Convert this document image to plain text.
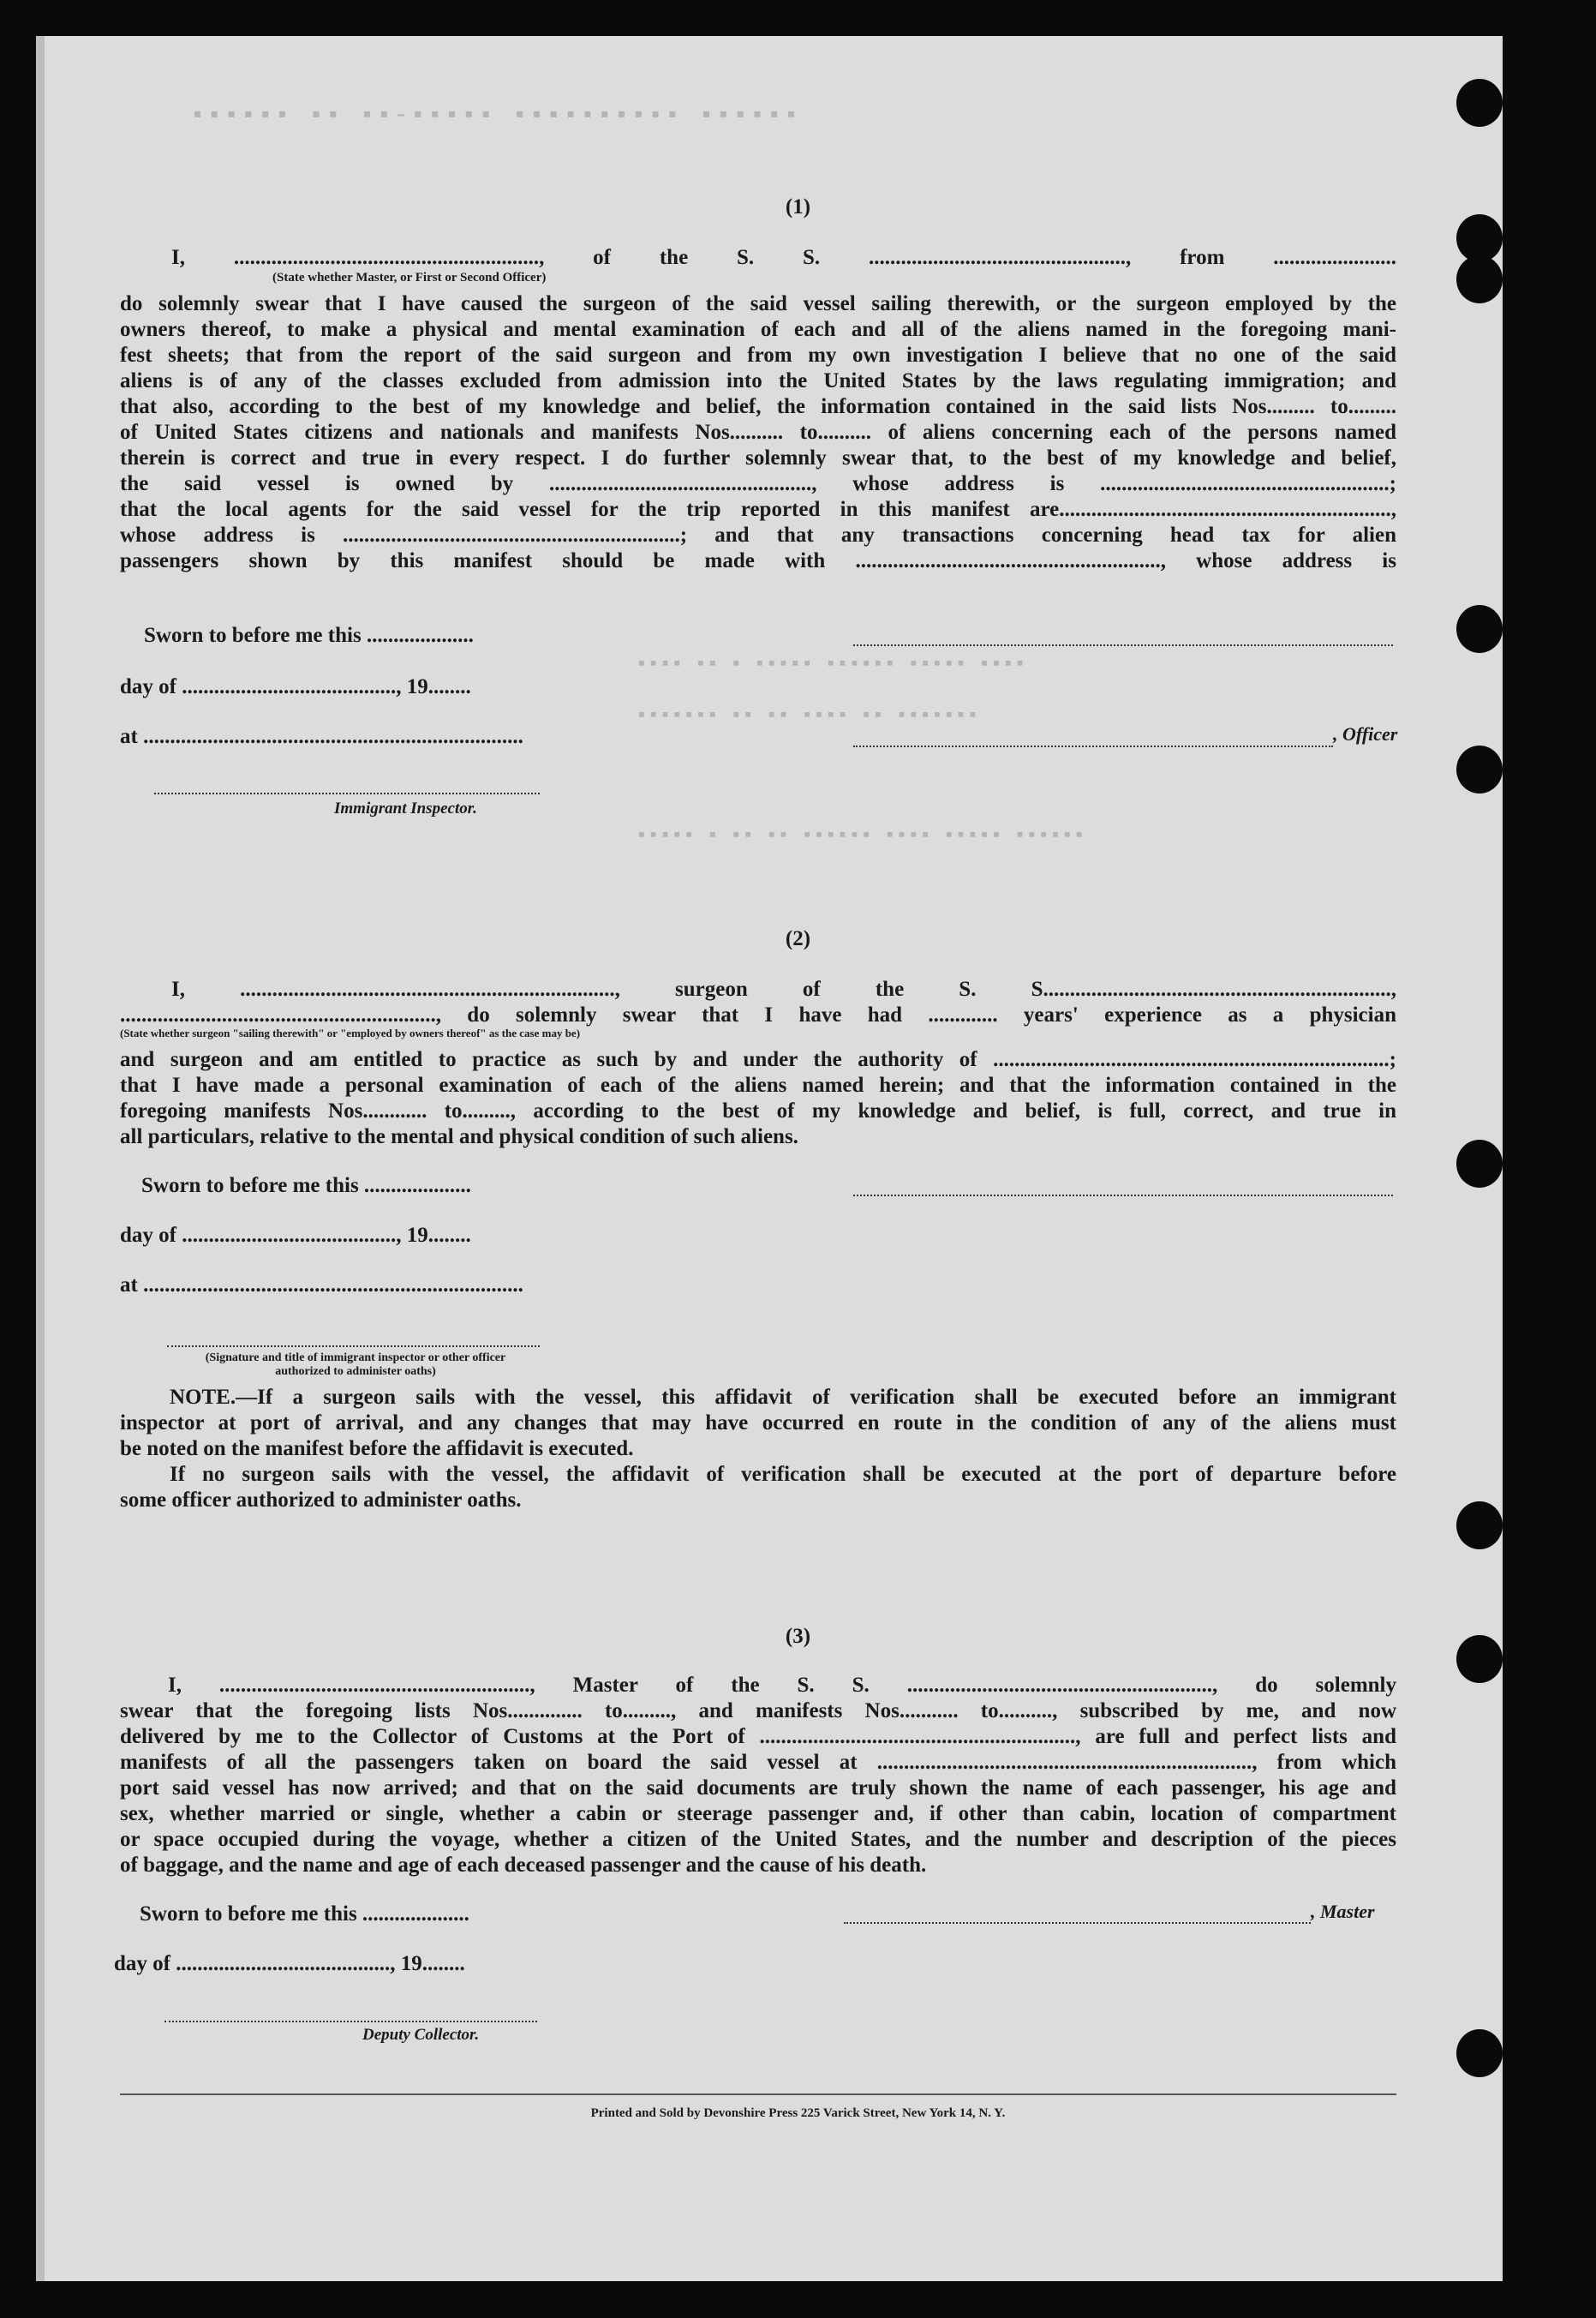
▪▪▪▪▪▪ ▪▪ ▪▪-▪▪▪▪▪ ▪▪▪▪▪▪▪▪▪▪ ▪▪▪▪▪▪
▪▪▪▪ ▪▪ ▪ ▪▪▪▪▪ ▪▪▪▪▪▪ ▪▪▪▪▪ ▪▪▪▪
▪▪▪▪▪▪▪ ▪▪ ▪▪ ▪▪▪▪ ▪▪ ▪▪▪▪▪▪▪
▪▪▪▪▪ ▪ ▪▪ ▪▪ ▪▪▪▪▪▪ ▪▪▪▪ ▪▪▪▪▪ ▪▪▪▪▪▪
(1)
I, ........................................................., of the S. S. ................................................, from .......................
(State whether Master, or First or Second Officer)
do solemnly swear that I have caused the surgeon of the said vessel sailing therewith, or the surgeon employed by the
owners thereof, to make a physical and mental examination of each and all of the aliens named in the foregoing mani-
fest sheets; that from the report of the said surgeon and from my own investigation I believe that no one of the said
aliens is of any of the classes excluded from admission into the United States by the laws regulating immigration; and
that also, according to the best of my knowledge and belief, the information contained in the said lists Nos......... to.........
of United States citizens and nationals and manifests Nos.......... to.......... of aliens concerning each of the persons named
therein is correct and true in every respect. I do further solemnly swear that, to the best of my knowledge and belief,
the said vessel is owned by ................................................., whose address is ......................................................;
that the local agents for the said vessel for the trip reported in this manifest are..............................................................,
whose address is ...............................................................; and that any transactions concerning head tax for alien
passengers shown by this manifest should be made with ........................................................., whose address is
Sworn to before me this ....................
day of ........................................, 19........
at .......................................................................	, Officer
Immigrant Inspector.
(2)
I, ......................................................................, surgeon of the S. S.................................................................,
..........................................................., do solemnly swear that I have had ............. years' experience as a physician
(State whether surgeon "sailing therewith" or "employed by owners thereof" as the case may be)
and surgeon and am entitled to practice as such by and under the authority of ..........................................................................;
that I have made a personal examination of each of the aliens named herein; and that the information contained in the
foregoing manifests Nos............ to........., according to the best of my knowledge and belief, is full, correct, and true in
all particulars, relative to the mental and physical condition of such aliens.
Sworn to before me this ....................
day of ........................................, 19........
at .......................................................................
(Signature and title of immigrant inspector or other officer authorized to administer oaths)
NOTE.—If a surgeon sails with the vessel, this affidavit of verification shall be executed before an immigrant
inspector at port of arrival, and any changes that may have occurred en route in the condition of any of the aliens must
be noted on the manifest before the affidavit is executed.
If no surgeon sails with the vessel, the affidavit of verification shall be executed at the port of departure before
some officer authorized to administer oaths.
(3)
I, .........................................................., Master of the S. S. ........................................................., do solemnly
swear that the foregoing lists Nos.............. to........., and manifests Nos........... to.........., subscribed by me, and now
delivered by me to the Collector of Customs at the Port of ..........................................................., are full and perfect lists and
manifests of all the passengers taken on board the said vessel at ......................................................................, from which
port said vessel has now arrived; and that on the said documents are truly shown the name of each passenger, his age and
sex, whether married or single, whether a cabin or steerage passenger and, if other than cabin, location of compartment
or space occupied during the voyage, whether a citizen of the United States, and the number and description of the pieces
of baggage, and the name and age of each deceased passenger and the cause of his death.
Sworn to before me this ....................	, Master
day of ........................................, 19........
Deputy Collector.
Printed and Sold by Devonshire Press 225 Varick Street, New York 14, N. Y.
